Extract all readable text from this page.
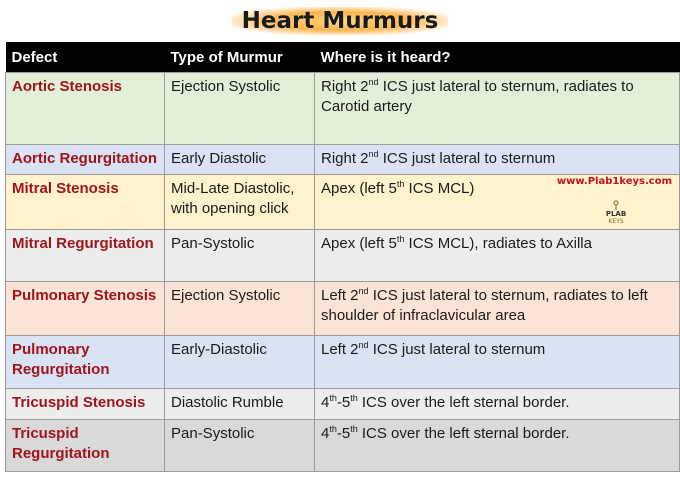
Heart Murmurs
Defect	Type of Murmur	Where is it heard?
Aortic Stenosis	Ejection Systolic	Right 2nd ICS just lateral to sternum, radiates to Carotid artery
Aortic Regurgitation	Early Diastolic	Right 2nd ICS just lateral to sternum
Mitral Stenosis	Mid-Late Diastolic, with opening click	Apex (left 5th ICS MCL)
Mitral Regurgitation	Pan-Systolic	Apex (left 5th ICS MCL), radiates to Axilla
Pulmonary Stenosis	Ejection Systolic	Left 2nd ICS just lateral to sternum, radiates to left shoulder of infraclavicular area
Pulmonary Regurgitation	Early-Diastolic	Left 2nd ICS just lateral to sternum
Tricuspid Stenosis	Diastolic Rumble	4th-5th ICS over the left sternal border.
Tricuspid Regurgitation	Pan-Systolic	4th-5th ICS over the left sternal border.
www.Plab1keys.com
PLAB
KEYS
